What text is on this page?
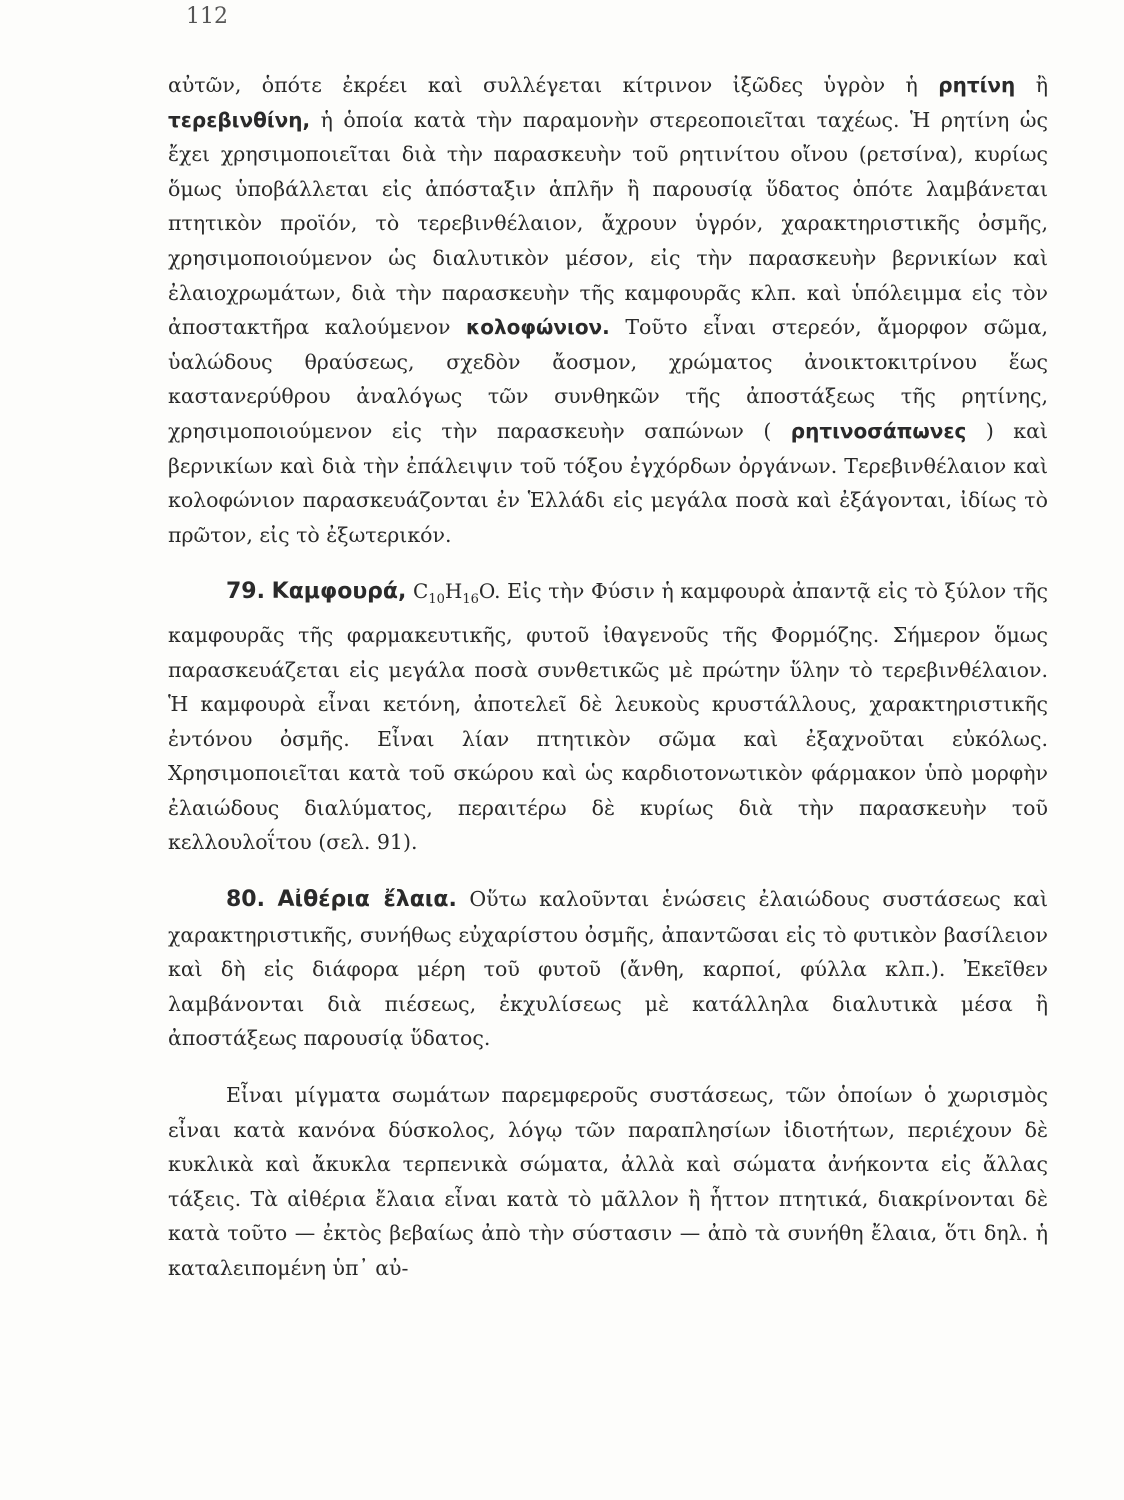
112

αὐτῶν, ὁπότε ἐκρέει καὶ συλλέγεται κίτρινον ἰξῶδες ὑγρὸν ἡ ρητίνη ἢ τερεβινθίνη, ἡ ὁποία κατὰ τὴν παραμονὴν στερεοποιεῖται ταχέως. Ἡ ρητίνη ὡς ἔχει χρησιμοποιεῖται διὰ τὴν παρασκευὴν τοῦ ρητινίτου οἴνου (ρετσίνα), κυρίως ὅμως ὑποβάλλεται εἰς ἀπόσταξιν ἁπλῆν ἢ παρουσίᾳ ὕδατος ὁπότε λαμβάνεται πτητικὸν προϊόν, τὸ τερεβινθέλαιον, ἄχρουν ὑγρόν, χαρακτηριστικῆς ὀσμῆς, χρησιμοποιούμενον ὡς διαλυτικὸν μέσον, εἰς τὴν παρασκευὴν βερνικίων καὶ ἐλαιοχρωμάτων, διὰ τὴν παρασκευὴν τῆς καμφουρᾶς κλπ. καὶ ὑπόλειμμα εἰς τὸν ἀποστακτῆρα καλούμενον κολοφώνιον. Τοῦτο εἶναι στερεόν, ἄμορφον σῶμα, ὑαλώδους θραύσεως, σχεδὸν ἄοσμον, χρώματος ἀνοικτοκιτρίνου ἕως καστανερύθρου ἀναλόγως τῶν συνθηκῶν τῆς ἀποστάξεως τῆς ρητίνης, χρησιμοποιούμενον εἰς τὴν παρασκευὴν σαπώνων ( ρητινοσάπωνες ) καὶ βερνικίων καὶ διὰ τὴν ἐπάλειψιν τοῦ τόξου ἐγχόρδων ὀργάνων. Τερεβινθέλαιον καὶ κολοφώνιον παρασκευάζονται ἐν Ἑλλάδι εἰς μεγάλα ποσὰ καὶ ἐξάγονται, ἰδίως τὸ πρῶτον, εἰς τὸ ἐξωτερικόν.

79. Καμφουρά, $C_{10}H_{16}O$. Εἰς τὴν Φύσιν ἡ καμφουρὰ ἀπαντᾷ εἰς τὸ ξύλον τῆς καμφουρᾶς τῆς φαρμακευτικῆς, φυτοῦ ἰθαγενοῦς τῆς Φορμόζης. Σήμερον ὅμως παρασκευάζεται εἰς μεγάλα ποσὰ συνθετικῶς μὲ πρώτην ὕλην τὸ τερεβινθέλαιον. Ἡ καμφουρὰ εἶναι κετόνη, ἀποτελεῖ δὲ λευκοὺς κρυστάλλους, χαρακτηριστικῆς ἐντόνου ὀσμῆς. Εἶναι λίαν πτητικὸν σῶμα καὶ ἐξαχνοῦται εὐκόλως. Χρησιμοποιεῖται κατὰ τοῦ σκώρου καὶ ὡς καρδιοτονωτικὸν φάρμακον ὑπὸ μορφὴν ἐλαιώδους διαλύματος, περαιτέρω δὲ κυρίως διὰ τὴν παρασκευὴν τοῦ κελλουλοΐτου (σελ. 91).

80. Αἰθέρια ἔλαια. Οὕτω καλοῦνται ἑνώσεις ἐλαιώδους συστάσεως καὶ χαρακτηριστικῆς, συνήθως εὐχαρίστου ὀσμῆς, ἀπαντῶσαι εἰς τὸ φυτικὸν βασίλειον καὶ δὴ εἰς διάφορα μέρη τοῦ φυτοῦ (ἄνθη, καρποί, φύλλα κλπ.). Ἐκεῖθεν λαμβάνονται διὰ πιέσεως, ἐκχυλίσεως μὲ κατάλληλα διαλυτικὰ μέσα ἢ ἀποστάξεως παρουσίᾳ ὕδατος.

Εἶναι μίγματα σωμάτων παρεμφεροῦς συστάσεως, τῶν ὁποίων ὁ χωρισμὸς εἶναι κατὰ κανόνα δύσκολος, λόγῳ τῶν παραπλησίων ἰδιοτήτων, περιέχουν δὲ κυκλικὰ καὶ ἄκυκλα τερπενικὰ σώματα, ἀλλὰ καὶ σώματα ἀνήκοντα εἰς ἄλλας τάξεις. Τὰ αἰθέρια ἔλαια εἶναι κατὰ τὸ μᾶλλον ἢ ἧττον πτητικά, διακρίνονται δὲ κατὰ τοῦτο — ἐκτὸς βεβαίως ἀπὸ τὴν σύστασιν — ἀπὸ τὰ συνήθη ἔλαια, ὅτι δηλ. ἡ καταλειπομένη ὑπ᾽ αὐ-
